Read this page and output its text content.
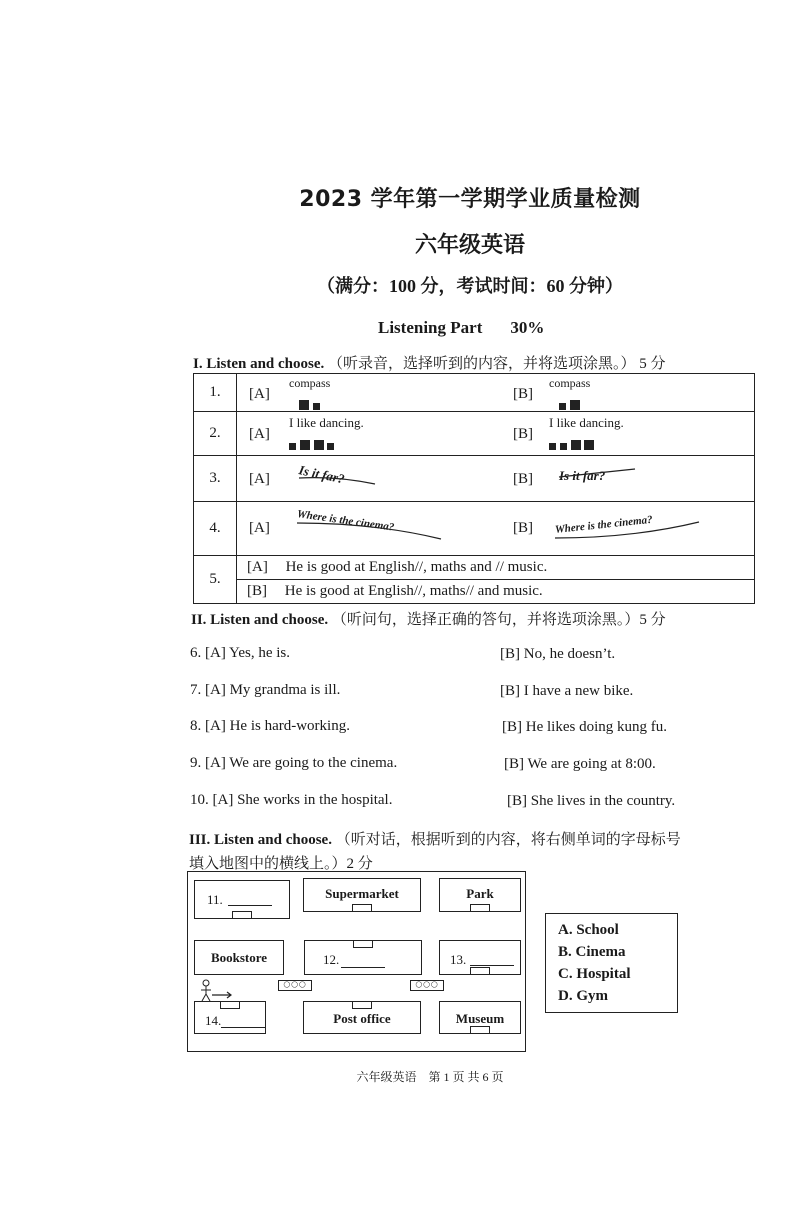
2023 学年第一学期学业质量检测
六年级英语
（满分：100 分，考试时间：60 分钟）
Listening Part 30%
I. Listen and choose. （听录音，选择听到的内容，并将选项涂黑。） 5 分
1.	[A]
compass

[B]
compass

2.	[A]
I like dancing.

[B]
I like dancing.

3.	[A] Is it far? [B] Is it far?

4.	[A] Where is the cinema? [B] Where is the cinema?

5.	[A] He is good at English//, maths and // music.
	[B] He is good at English//, maths// and music.
II. Listen and choose. （听问句，选择正确的答句，并将选项涂黑。）5 分
6. [A] Yes, he is.	[B] No, he doesn’t.
7. [A] My grandma is ill.	[B] I have a new bike.
8. [A] He is hard-working.	[B] He likes doing kung fu.
9. [A] We are going to the cinema.	[B] We are going at 8:00.
10. [A] She works in the hospital.	[B] She lives in the country.
III. Listen and choose. （听对话，根据听到的内容，将右侧单词的字母标号
填入地图中的横线上。）2 分
11.	Supermarket	Park
Bookstore	12.	13.
◯◯◯	◯◯◯
14.	Post office	Museum
A. School
B. Cinema
C. Hospital
D. Gym
六年级英语　第 1 页 共 6 页
